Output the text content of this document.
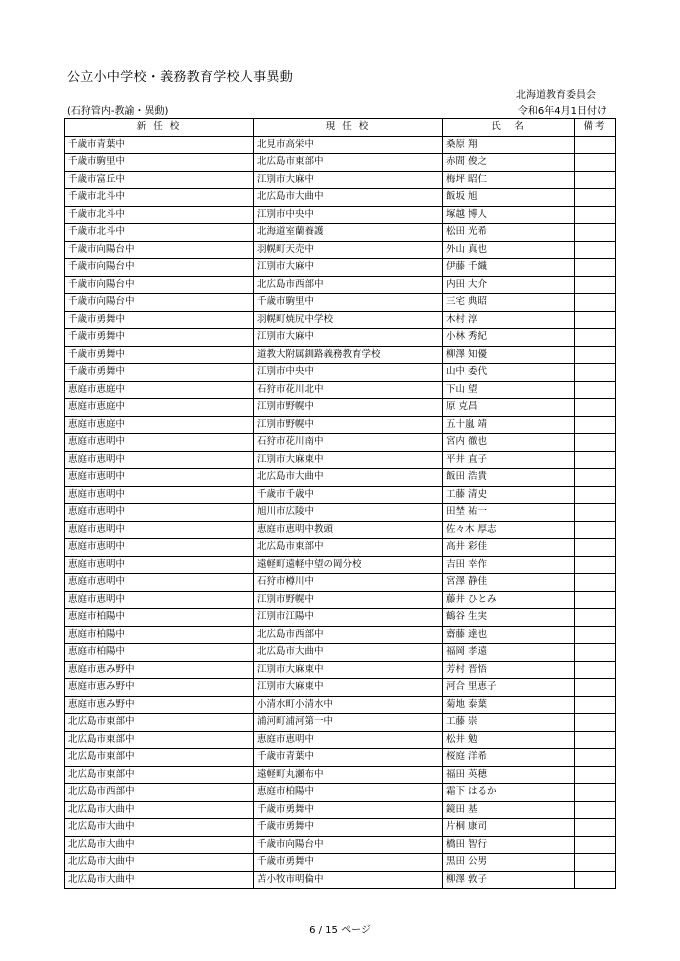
公立小中学校・義務教育学校人事異動
北海道教育委員会
(石狩管内-教諭・異動)	令和6年4月1日付け
新 任 校	現 任 校	氏　名	備考
千歳市青葉中	北見市高栄中	桑原 翔	
千歳市駒里中	北広島市東部中	赤間 俊之	
千歳市富丘中	江別市大麻中	梅坪 昭仁	
千歳市北斗中	北広島市大曲中	飯坂 旭	
千歳市北斗中	江別市中央中	塚越 博人	
千歳市北斗中	北海道室蘭養護	松田 光希	
千歳市向陽台中	羽幌町天売中	外山 真也	
千歳市向陽台中	江別市大麻中	伊藤 千織	
千歳市向陽台中	北広島市西部中	内田 大介	
千歳市向陽台中	千歳市駒里中	三宅 典昭	
千歳市勇舞中	羽幌町焼尻中学校	木村 淳	
千歳市勇舞中	江別市大麻中	小林 秀紀	
千歳市勇舞中	道教大附属釧路義務教育学校	柳澤 知優	
千歳市勇舞中	江別市中央中	山中 委代	
恵庭市恵庭中	石狩市花川北中	下山 望	
恵庭市恵庭中	江別市野幌中	原 克昌	
恵庭市恵庭中	江別市野幌中	五十嵐 靖	
恵庭市恵明中	石狩市花川南中	宮内 徹也	
恵庭市恵明中	江別市大麻東中	平井 直子	
恵庭市恵明中	北広島市大曲中	飯田 浩貴	
恵庭市恵明中	千歳市千歳中	工藤 清史	
恵庭市恵明中	旭川市広陵中	田埜 祐一	
恵庭市恵明中	恵庭市恵明中教頭	佐々木 厚志	
恵庭市恵明中	北広島市東部中	高井 彩佳	
恵庭市恵明中	遠軽町遠軽中望の岡分校	吉田 幸作	
恵庭市恵明中	石狩市樽川中	宮澤 静佳	
恵庭市恵明中	江別市野幌中	藤井 ひとみ	
恵庭市柏陽中	江別市江陽中	鶴谷 生実	
恵庭市柏陽中	北広島市西部中	齋藤 達也	
恵庭市柏陽中	北広島市大曲中	福岡 孝遠	
恵庭市恵み野中	江別市大麻東中	芳村 晋悟	
恵庭市恵み野中	江別市大麻東中	河合 里恵子	
恵庭市恵み野中	小清水町小清水中	菊地 泰葉	
北広島市東部中	浦河町浦河第一中	工藤 崇	
北広島市東部中	恵庭市恵明中	松井 勉	
北広島市東部中	千歳市青葉中	桜庭 洋希	
北広島市東部中	遠軽町丸瀬布中	福田 英穂	
北広島市西部中	恵庭市柏陽中	霜下 はるか	
北広島市大曲中	千歳市勇舞中	鏡田 基	
北広島市大曲中	千歳市勇舞中	片桐 康司	
北広島市大曲中	千歳市向陽台中	橋田 智行	
北広島市大曲中	千歳市勇舞中	黒田 公男	
北広島市大曲中	苫小牧市明倫中	柳澤 敦子	
6 / 15 ページ
